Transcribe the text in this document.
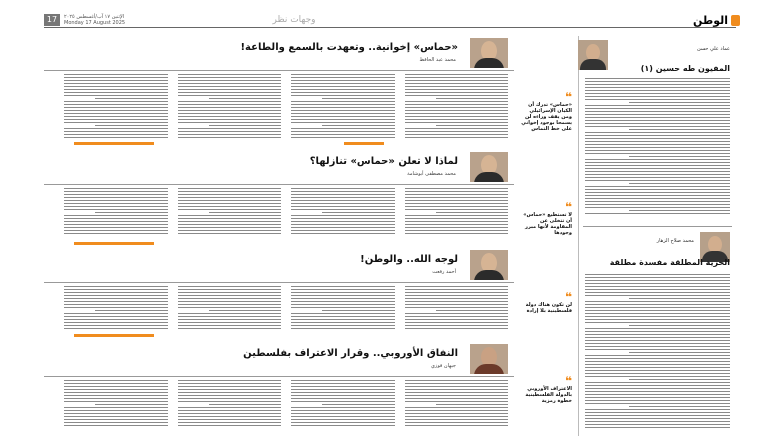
17	الإثنين ١٧ آب/أغسطس ٢٠٢٥
Monday 17 August 2025	وجهات نظر	الوطن
«حماس» إخوانية.. وتعهدت بالسمع والطاعة!
محمد عبد الحافظ
لماذا لا تعلن «حماس» تنازلها؟
محمد مصطفى أبوشامة
لوجه الله.. والوطن!
أحمد رفعت
النفاق الأوروبي.. وقرار الاعتراف بفلسطين
جيهان فوزي
❝
«حماس» تدرك أن الكيان الإسرائيلي ومن يقف وراءه لن يسمحا بوجود إخواني على خط التماس
❝
لا تستطيع «حماس» أن تتخلى عن المقاومة لأنها مبرر وجودها
❝
لن تكون هناك دولة فلسطينية بلا إرادة
❝
الاعتراف الأوروبي بالدولة الفلسطينية خطوة رمزية
عماد علي حسن
المفيون طه حسين (١)
محمد صلاح الزهار
الحرية المطلقة مفسدة مطلقة
